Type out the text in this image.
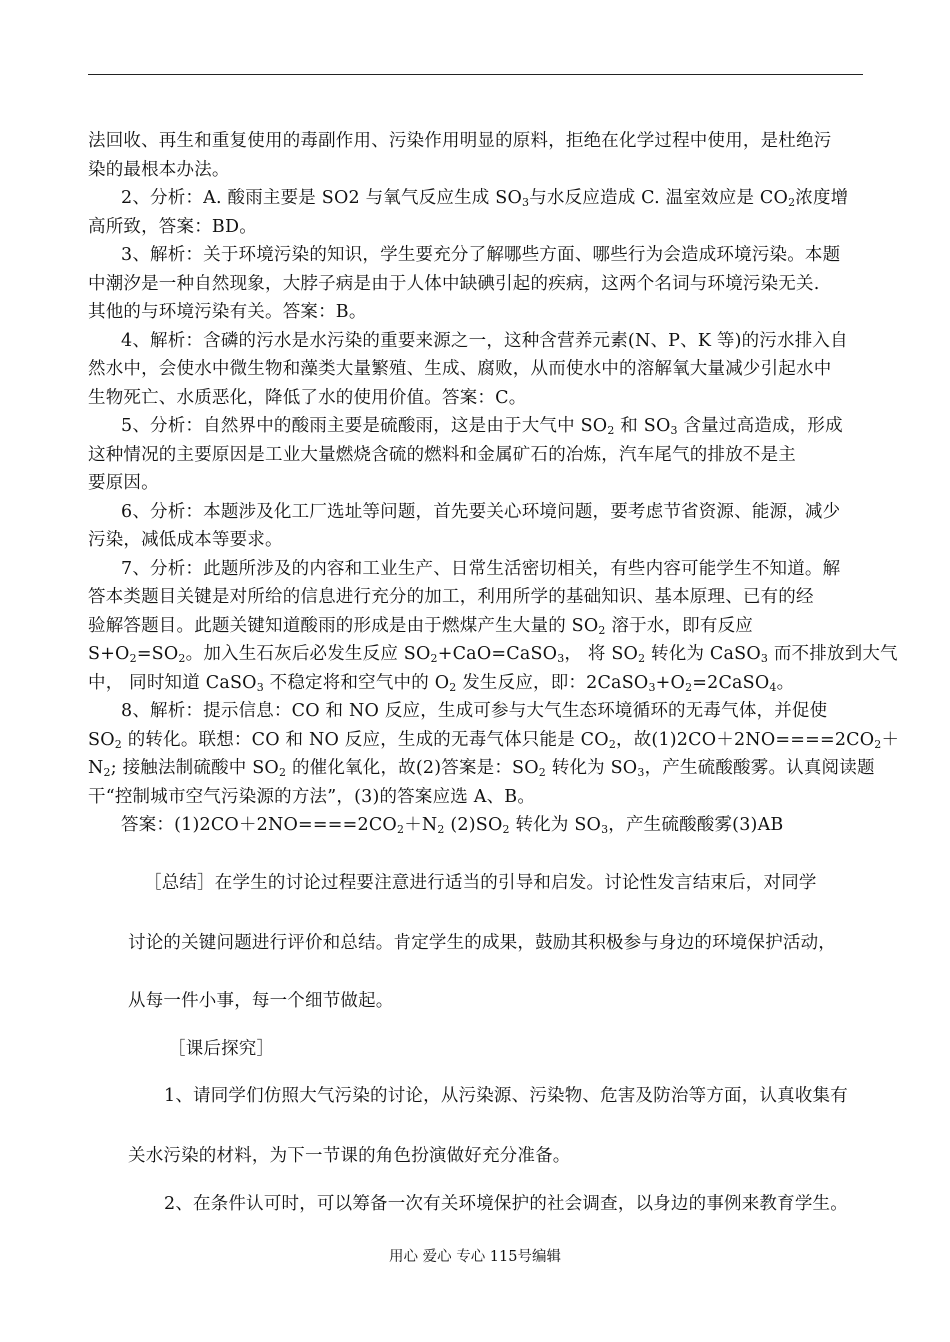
法回收、再生和重复使用的毒副作用、污染作用明显的原料，拒绝在化学过程中使用，是杜绝污
染的最根本办法。
2、分析：A. 酸雨主要是 SO2 与氧气反应生成 $SO_3$与水反应造成 C. 温室效应是 $CO_2$浓度增
高所致，答案：BD。
3、解析：关于环境污染的知识，学生要充分了解哪些方面、哪些行为会造成环境污染。本题
中潮汐是一种自然现象，大脖子病是由于人体中缺碘引起的疾病，这两个名词与环境污染无关.
其他的与环境污染有关。答案：B。
4、解析：含磷的污水是水污染的重要来源之一，这种含营养元素(N、P、K 等)的污水排入自
然水中，会使水中微生物和藻类大量繁殖、生成、腐败，从而使水中的溶解氧大量减少引起水中
生物死亡、水质恶化，降低了水的使用价值。答案：C。
5、分析：自然界中的酸雨主要是硫酸雨，这是由于大气中 $SO_2$ 和 $SO_3$ 含量过高造成，形成
这种情况的主要原因是工业大量燃烧含硫的燃料和金属矿石的冶炼，汽车尾气的排放不是主
要原因。
6、分析：本题涉及化工厂选址等问题，首先要关心环境问题，要考虑节省资源、能源，减少
污染，减低成本等要求。
7、分析：此题所涉及的内容和工业生产、日常生活密切相关，有些内容可能学生不知道。解
答本类题目关键是对所给的信息进行充分的加工，利用所学的基础知识、基本原理、已有的经
验解答题目。此题关键知道酸雨的形成是由于燃煤产生大量的 $SO_2$ 溶于水，即有反应
$S+O_2=SO_2$。加入生石灰后必发生反应 $SO_2+CaO=CaSO_3$， 将 $SO_2$ 转化为 CaSO$_3$ 而不排放到大气
中， 同时知道 CaSO$_3$ 不稳定将和空气中的 $O_2$ 发生反应，即：$2CaSO_3+O_2=2CaSO_4$。
8、解析：提示信息：CO 和 NO 反应，生成可参与大气生态环境循环的无毒气体，并促使
$SO_2$ 的转化。联想：CO 和 NO 反应，生成的无毒气体只能是 $CO_2$，故$(1)2CO+2NO====2CO_2+$
$N_2$; 接触法制硫酸中 $SO_2$ 的催化氧化，故(2)答案是：$SO_2$ 转化为 $SO_3$，产生硫酸酸雾。认真阅读题
干“控制城市空气污染源的方法”，(3)的答案应选 A、B。
答案：$(1)2CO+2NO====2CO_2+N_2$ $(2)SO_2$ 转化为 $SO_3$，产生硫酸酸雾(3)AB
［总结］在学生的讨论过程要注意进行适当的引导和启发。讨论性发言结束后，对同学
讨论的关键问题进行评价和总结。肯定学生的成果，鼓励其积极参与身边的环境保护活动，
从每一件小事，每一个细节做起。
［课后探究］
1、请同学们仿照大气污染的讨论，从污染源、污染物、危害及防治等方面，认真收集有
关水污染的材料，为下一节课的角色扮演做好充分准备。
2、在条件认可时，可以筹备一次有关环境保护的社会调查，以身边的事例来教育学生。
用心 爱心 专心 115号编辑
